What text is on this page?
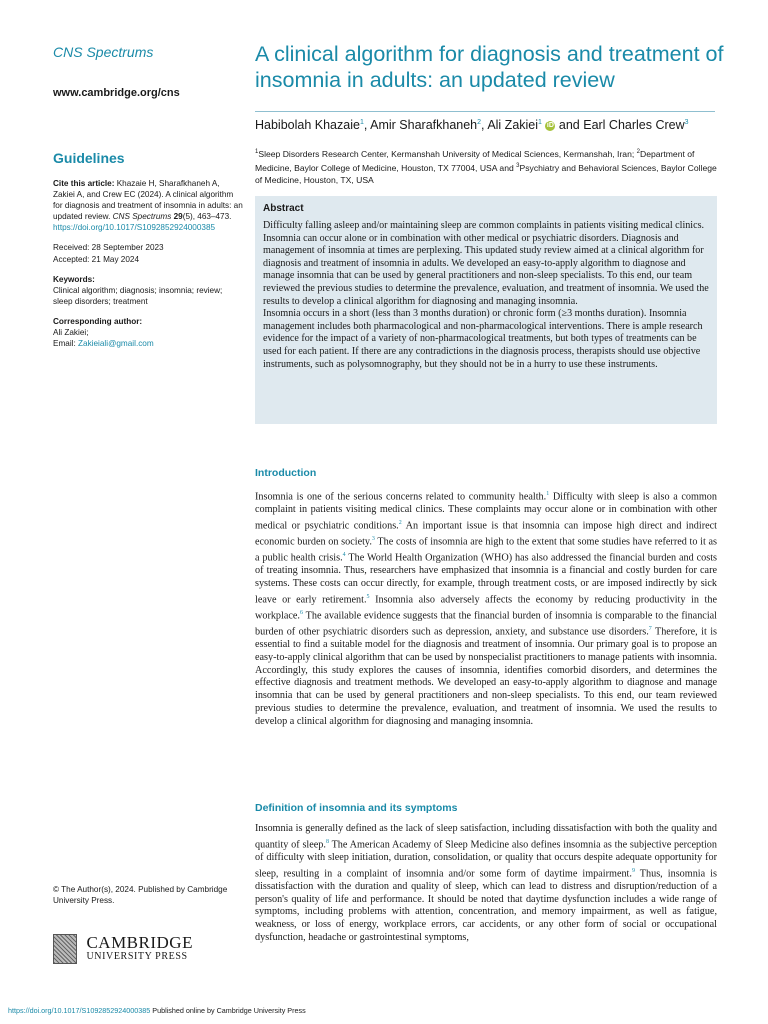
CNS Spectrums
www.cambridge.org/cns
A clinical algorithm for diagnosis and treatment of insomnia in adults: an updated review
Habibolah Khazaie$^1$, Amir Sharafkhaneh$^2$, Ali Zakiei$^1$ iD and Earl Charles Crew$^3$
$^1$Sleep Disorders Research Center, Kermanshah University of Medical Sciences, Kermanshah, Iran; $^2$Department of Medicine, Baylor College of Medicine, Houston, TX 77004, USA and $^3$Psychiatry and Behavioral Sciences, Baylor College of Medicine, Houston, TX, USA
Guidelines
Cite this article: Khazaie H, Sharafkhaneh A, Zakiei A, and Crew EC (2024). A clinical algorithm for diagnosis and treatment of insomnia in adults: an updated review. CNS Spectrums 29(5), 463–473.
https://doi.org/10.1017/S1092852924000385
Received: 28 September 2023
Accepted: 21 May 2024
Keywords:
Clinical algorithm; diagnosis; insomnia; review; sleep disorders; treatment
Corresponding author:
Ali Zakiei;
Email: Zakieiali@gmail.com
Abstract
Difficulty falling asleep and/or maintaining sleep are common complaints in patients visiting medical clinics. Insomnia can occur alone or in combination with other medical or psychiatric disorders. Diagnosis and management of insomnia at times are perplexing. This updated study review aimed at a clinical algorithm for diagnosis and treatment of insomnia in adults. We developed an easy-to-apply algorithm to diagnose and manage insomnia that can be used by general practitioners and non-sleep specialists. To this end, our team reviewed the previous studies to determine the prevalence, evaluation, and treatment of insomnia. We used the results to develop a clinical algorithm for diagnosing and managing insomnia.
Insomnia occurs in a short (less than 3 months duration) or chronic form (≥3 months duration). Insomnia management includes both pharmacological and non-pharmacological interventions. There is ample research evidence for the impact of a variety of non-pharmacological treatments, but both types of treatments can be used for each patient. If there are any contradictions in the diagnosis process, therapists should use objective instruments, such as polysomnography, but they should not be in a hurry to use these instruments.
Introduction
Insomnia is one of the serious concerns related to community health.$^1$ Difficulty with sleep is also a common complaint in patients visiting medical clinics. These complaints may occur alone or in combination with other medical or psychiatric conditions.$^2$ An important issue is that insomnia can impose high direct and indirect economic burden on society.$^3$ The costs of insomnia are high to the extent that some studies have referred to it as a public health crisis.$^4$ The World Health Organization (WHO) has also addressed the financial burden and costs of treating insomnia. Thus, researchers have emphasized that insomnia is a financial and costly burden for care systems. These costs can occur directly, for example, through treatment costs, or are imposed indirectly by sick leave or early retirement.$^5$ Insomnia also adversely affects the economy by reducing productivity in the workplace.$^6$ The available evidence suggests that the financial burden of insomnia is comparable to the financial burden of other psychiatric disorders such as depression, anxiety, and substance use disorders.$^7$ Therefore, it is essential to find a suitable model for the diagnosis and treatment of insomnia. Our primary goal is to propose an easy-to-apply clinical algorithm that can be used by nonspecialist practitioners to manage patients with insomnia. Accordingly, this study explores the causes of insomnia, identifies comorbid disorders, and determines the effective diagnosis and treatment methods. We developed an easy-to-apply algorithm to diagnose and manage insomnia that can be used by general practitioners and non-sleep specialists. To this end, our team reviewed previous studies to determine the prevalence, evaluation, and treatment of insomnia. We used the results to develop a clinical algorithm for diagnosing and managing insomnia.
Definition of insomnia and its symptoms
Insomnia is generally defined as the lack of sleep satisfaction, including dissatisfaction with both the quality and quantity of sleep.$^8$ The American Academy of Sleep Medicine also defines insomnia as the subjective perception of difficulty with sleep initiation, duration, consolidation, or quality that occurs despite adequate opportunity for sleep, resulting in a complaint of insomnia and/or some form of daytime impairment.$^9$ Thus, insomnia is dissatisfaction with the duration and quality of sleep, which can lead to distress and disruption/reduction of a person's quality of life and performance. It should be noted that daytime dysfunction includes a wide range of symptoms, including problems with attention, concentration, and memory impairment, as well as fatigue, weakness, or loss of energy, workplace errors, car accidents, or any other form of social or occupational dysfunction, headache or gastrointestinal symptoms,
© The Author(s), 2024. Published by Cambridge University Press.

CAMBRIDGE
UNIVERSITY PRESS
https://doi.org/10.1017/S1092852924000385 Published online by Cambridge University Press
